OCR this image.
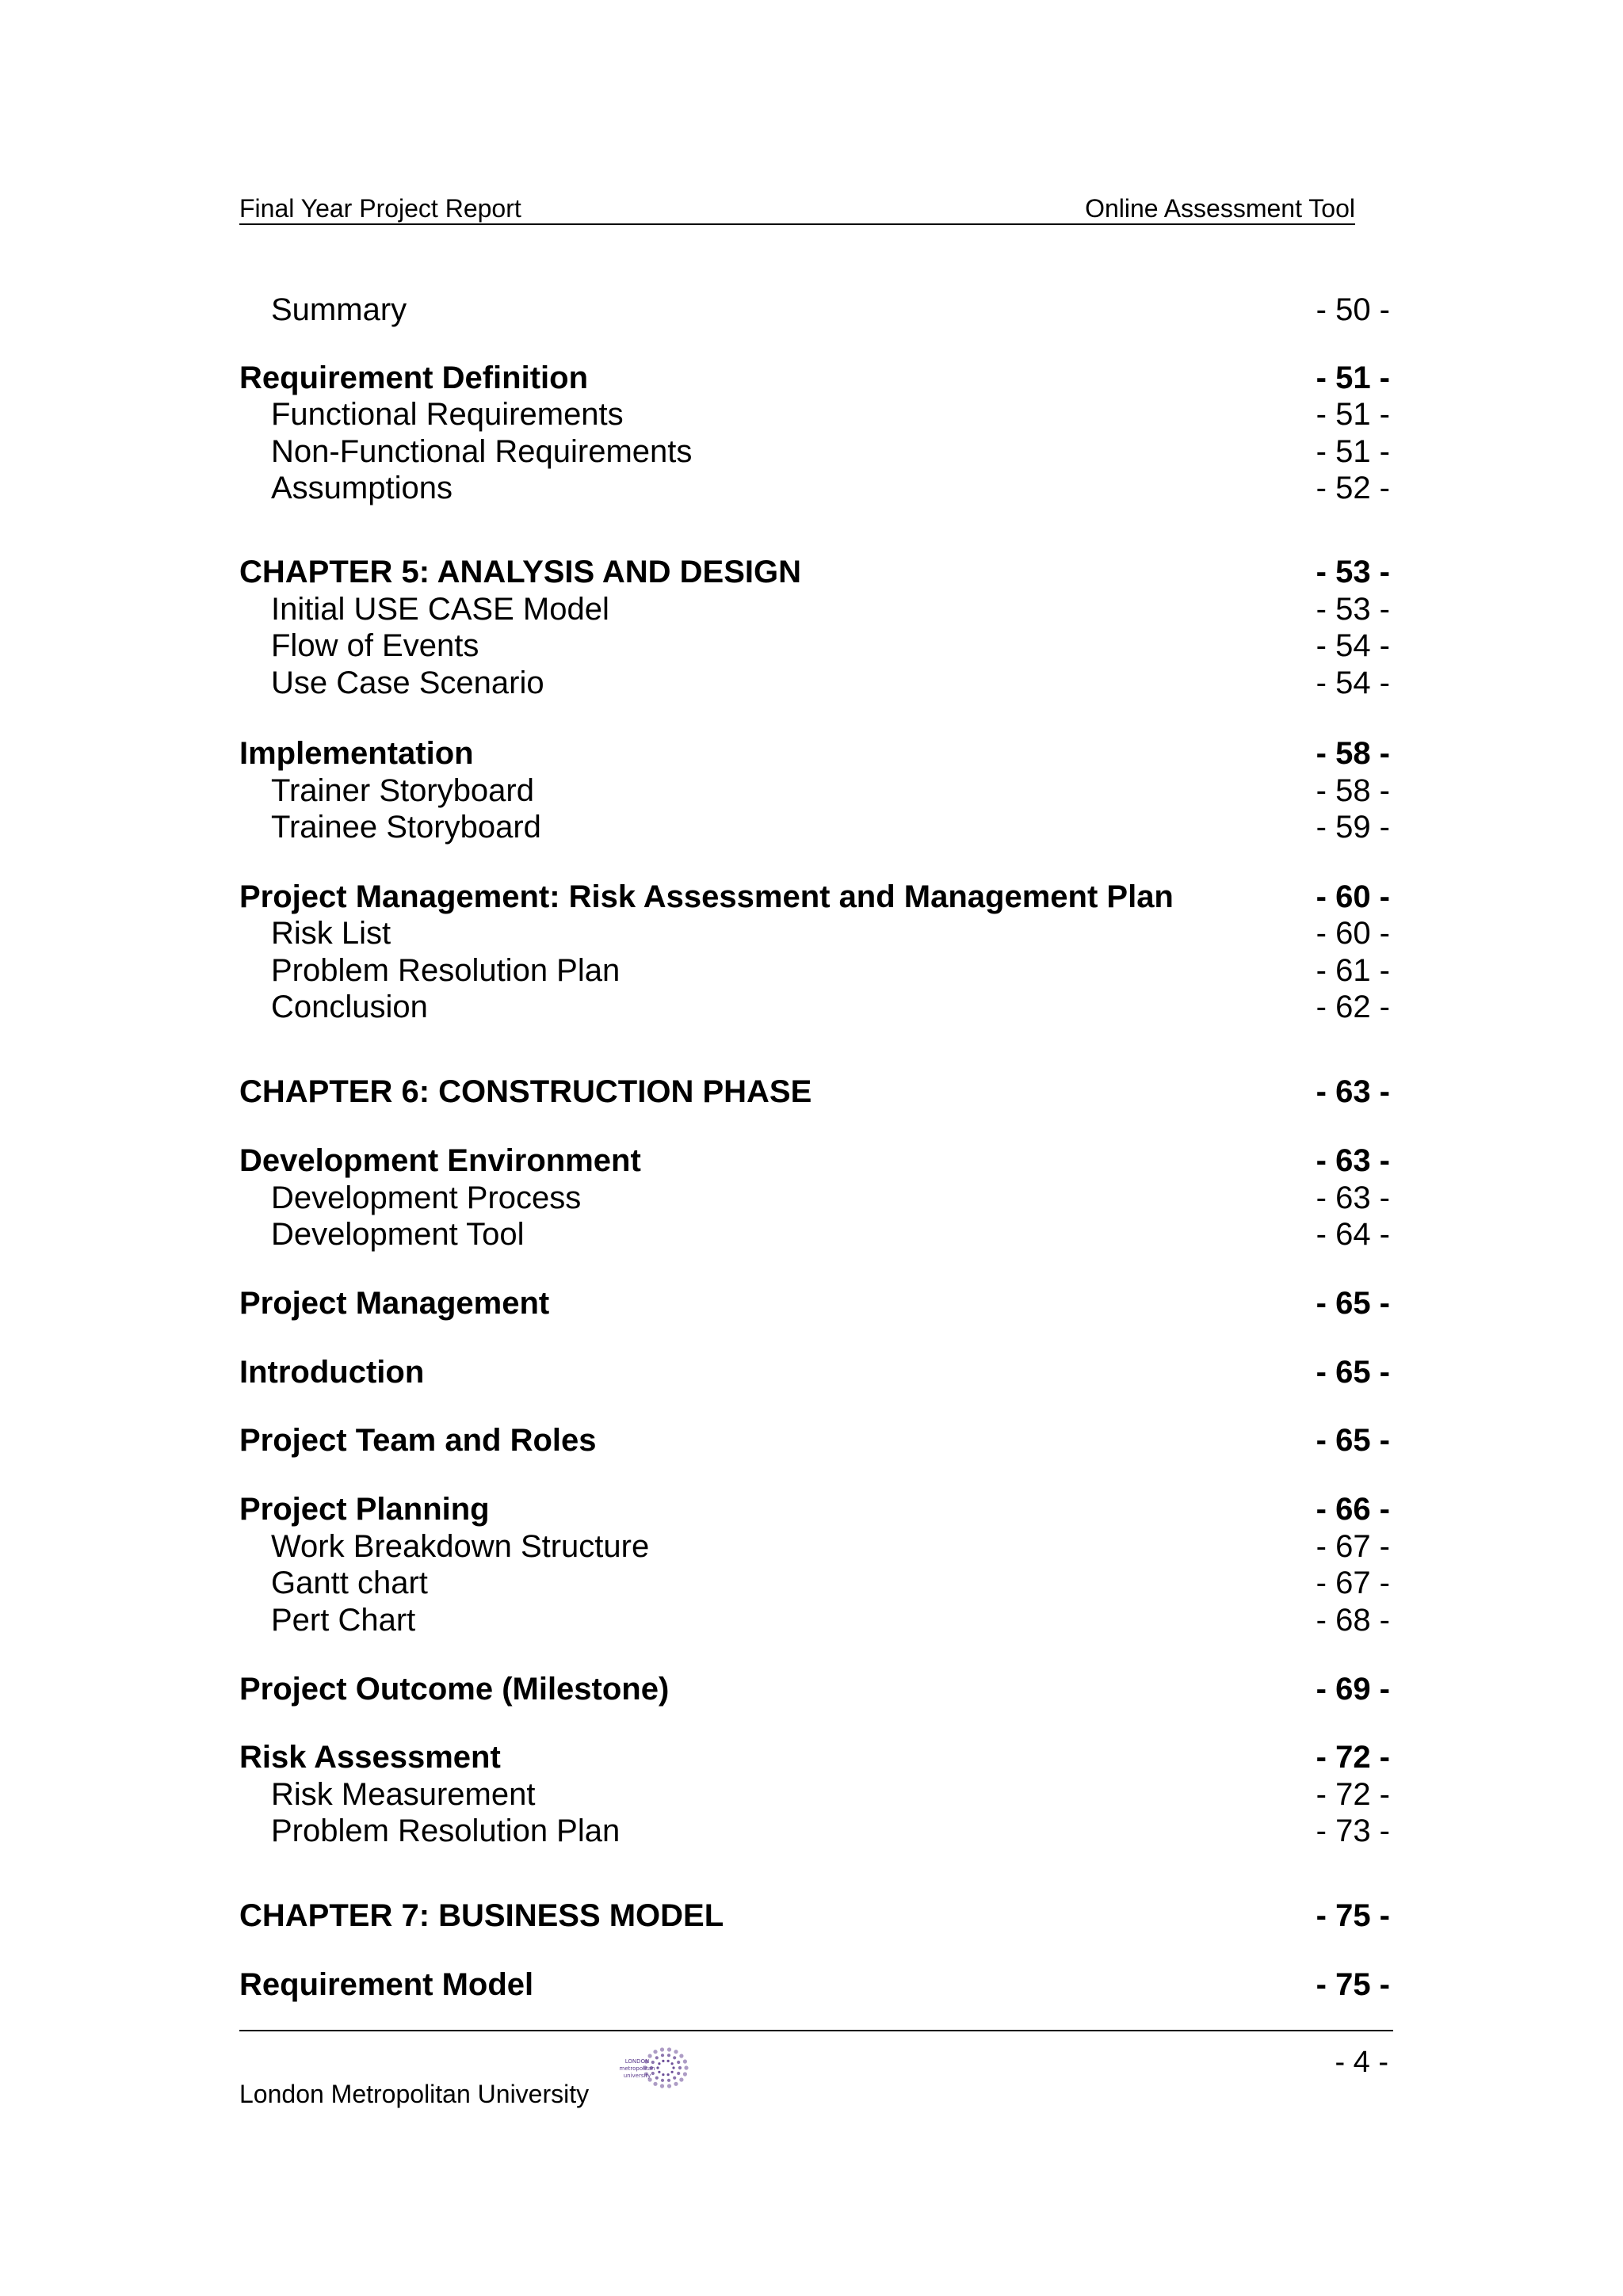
Final Year Project Report	Online Assessment Tool
Summary	- 50 -
Requirement Definition	- 51 -
Functional Requirements	- 51 -
Non-Functional Requirements	- 51 -
Assumptions	- 52 -
CHAPTER 5: ANALYSIS AND DESIGN	- 53 -
Initial USE CASE Model	- 53 -
Flow of Events	- 54 -
Use Case Scenario	- 54 -
Implementation	- 58 -
Trainer Storyboard	- 58 -
Trainee Storyboard	- 59 -
Project Management: Risk Assessment and Management Plan	- 60 -
Risk List	- 60 -
Problem Resolution Plan	- 61 -
Conclusion	- 62 -
CHAPTER 6: CONSTRUCTION PHASE	- 63 -
Development Environment	- 63 -
Development Process	- 63 -
Development Tool	- 64 -
Project Management	- 65 -
Introduction	- 65 -
Project Team and Roles	- 65 -
Project Planning	- 66 -
Work Breakdown Structure	- 67 -
Gantt chart	- 67 -
Pert Chart	- 68 -
Project Outcome (Milestone)	- 69 -
Risk Assessment	- 72 -
Risk Measurement	- 72 -
Problem Resolution Plan	- 73 -
CHAPTER 7: BUSINESS MODEL	- 75 -
Requirement Model	- 75 -
London Metropolitan University
LONDON
metropolitan
university	- 4 -
